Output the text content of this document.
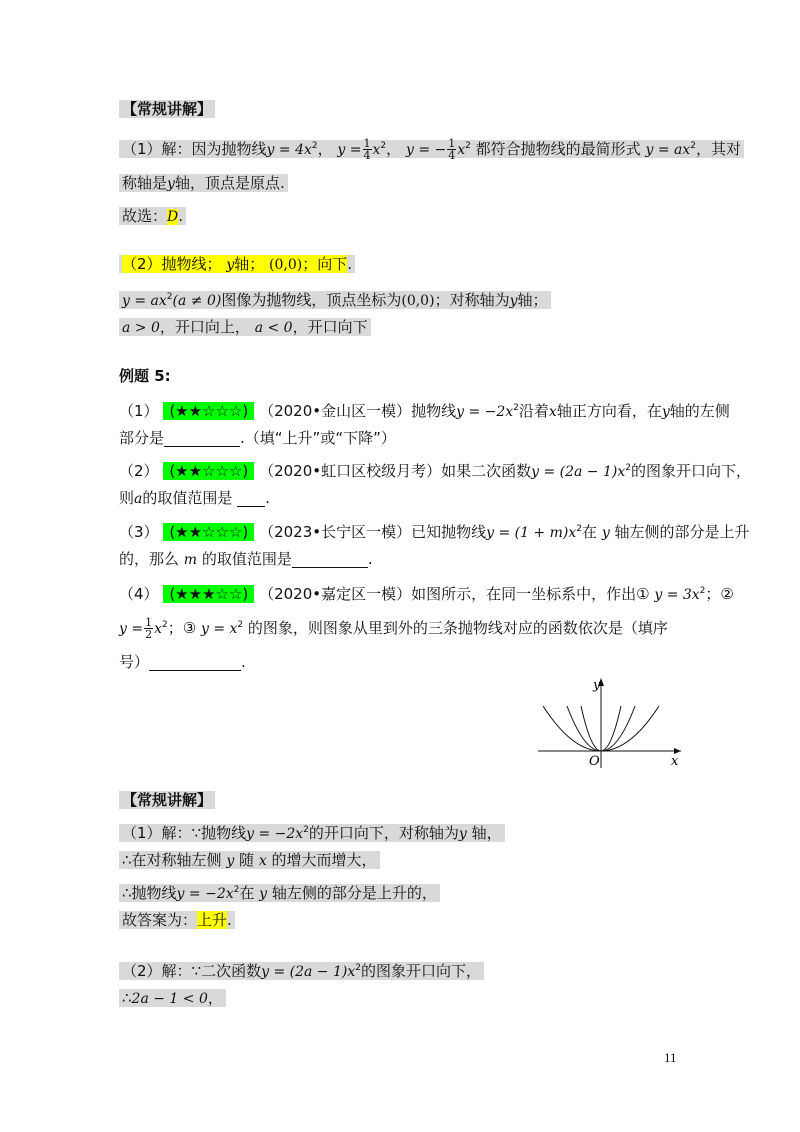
【常规讲解】
（1）解：因为抛物线$y = 4x^2$， $y = \frac{1}{4} x^2$， y = − $\frac{1}{4} x^2$ 都符合抛物线的最简形式 $y = ax^2$，其对
称轴是y轴，顶点是原点.
故选：D.
（2）抛物线； y轴； (0,0)；向下.
$y = ax^2(a \ne 0)$图像为抛物线，顶点坐标为(0,0)；对称轴为y轴；
a > 0，开口向上， a < 0，开口向下
例题 5:
（1） (★★☆☆☆) （2020•金山区一模）抛物线$y = -2x^2$沿着x轴正方向看，在y轴的左侧
部分是	.（填“上升”或“下降”）
（2） (★★☆☆☆) （2020•虹口区校级月考）如果二次函数$y = (2a - 1)x^2$的图象开口向下，
则a的取值范围是 .
（3） (★★☆☆☆) （2023•长宁区一模）已知抛物线$y = (1 + m)x^2$在 y 轴左侧的部分是上升
的，那么 m 的取值范围是	.
（4） (★★★☆☆) （2020•嘉定区一模）如图所示，在同一坐标系中，作出① $y = 3x^2$；②
$y = \frac{1}{2} x^2$；③ $y = x^2$ 的图象，则图象从里到外的三条抛物线对应的函数依次是（填序
号）	.
y
x
O
【常规讲解】
（1）解：∵抛物线$y = -2x^2$的开口向下，对称轴为y 轴，
∴在对称轴左侧 y 随 x 的增大而增大，
∴抛物线$y = -2x^2$在 y 轴左侧的部分是上升的，
故答案为：上升.
（2）解：∵二次函数$y = (2a - 1)x^2$的图象开口向下，
∴2a − 1 < 0，
11
